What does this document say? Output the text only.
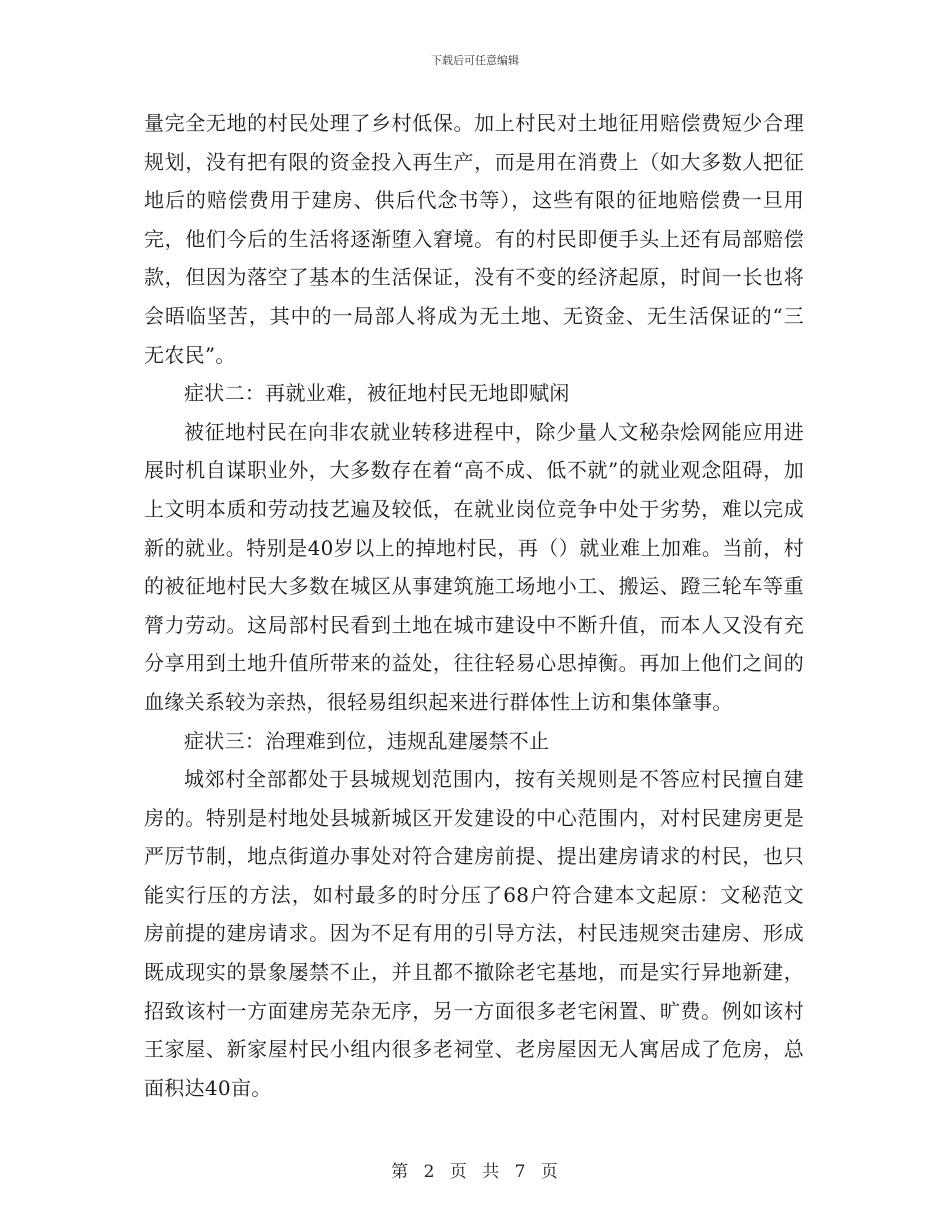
下载后可任意编辑

量完全无地的村民处理了乡村低保。加上村民对土地征用赔偿费短少合理规划，没有把有限的资金投入再生产，而是用在消费上（如大多数人把征地后的赔偿费用于建房、供后代念书等），这些有限的征地赔偿费一旦用完，他们今后的生活将逐渐堕入窘境。有的村民即便手头上还有局部赔偿款，但因为落空了基本的生活保证，没有不变的经济起原，时间一长也将会晤临坚苦，其中的一局部人将成为无土地、无资金、无生活保证的“三无农民”。

症状二：再就业难，被征地村民无地即赋闲

被征地村民在向非农就业转移进程中，除少量人文秘杂烩网能应用进展时机自谋职业外，大多数存在着“高不成、低不就”的就业观念阻碍，加上文明本质和劳动技艺遍及较低，在就业岗位竞争中处于劣势，难以完成新的就业。特别是40岁以上的掉地村民，再（）就业难上加难。当前，村的被征地村民大多数在城区从事建筑施工场地小工、搬运、蹬三轮车等重膂力劳动。这局部村民看到土地在城市建设中不断升值，而本人又没有充分享用到土地升值所带来的益处，往往轻易心思掉衡。再加上他们之间的血缘关系较为亲热，很轻易组织起来进行群体性上访和集体肇事。

症状三：治理难到位，违规乱建屡禁不止

城郊村全部都处于县城规划范围内，按有关规则是不答应村民擅自建房的。特别是村地处县城新城区开发建设的中心范围内，对村民建房更是严厉节制，地点街道办事处对符合建房前提、提出建房请求的村民，也只能实行压的方法，如村最多的时分压了68户符合建本文起原：文秘范文 房前提的建房请求。因为不足有用的引导方法，村民违规突击建房、形成既成现实的景象屡禁不止，并且都不撤除老宅基地，而是实行异地新建，招致该村一方面建房芜杂无序，另一方面很多老宅闲置、旷费。例如该村王家屋、新家屋村民小组内很多老祠堂、老房屋因无人寓居成了危房，总面积达40亩。

第 2 页 共 7 页
